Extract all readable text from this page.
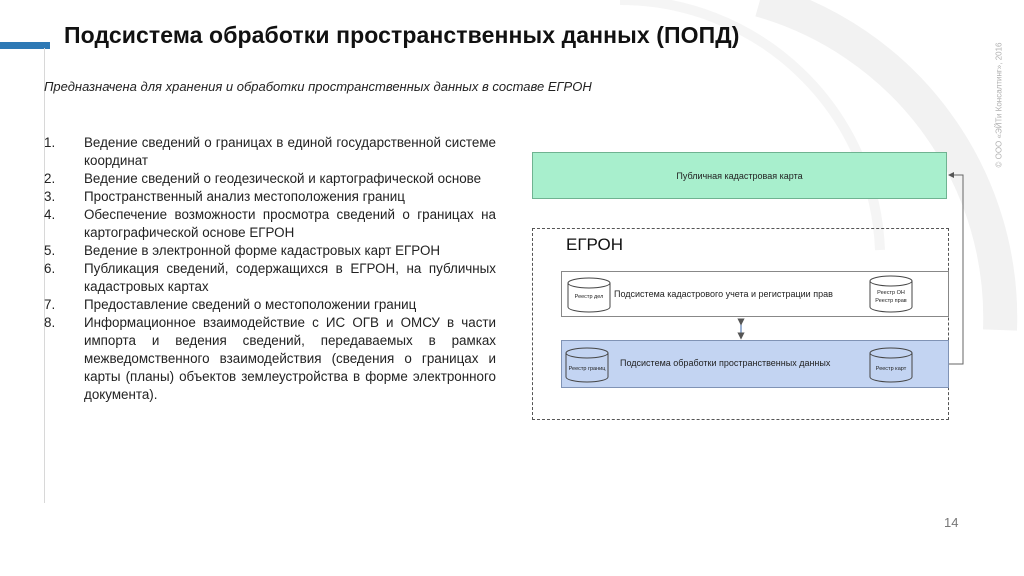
Подсистема обработки пространственных данных (ПОПД)
Предназначена для хранения и обработки пространственных данных в составе ЕГРОН	© ООО «ЭЙТи Консалтинг», 2016
1. Ведение сведений о границах в единой государственной системе координат
2. Ведение сведений о геодезической и картографической основе
3. Пространственный анализ местоположения границ
4. Обеспечение возможности просмотра сведений о границах на картографической основе ЕГРОН
5. Ведение в электронной форме кадастровых карт ЕГРОН
6. Публикация сведений, содержащихся в ЕГРОН, на публичных кадастровых картах
7. Предоставление сведений о местоположении границ
8. Информационное взаимодействие с ИС ОГВ и ОМСУ в части импорта и ведения сведений, передаваемых в рамках межведомственного взаимодействия (сведения о границах и карты (планы) объектов землеустройства в форме электронного документа).
Публичная кадастровая карта
ЕГРОН
Реестр дел	Подсистема кадастрового учета и регистрации прав	Реестр ОН
Реестр прав
Реестр границ
Подсистема обработки пространственных данных
Реестр карт
14
